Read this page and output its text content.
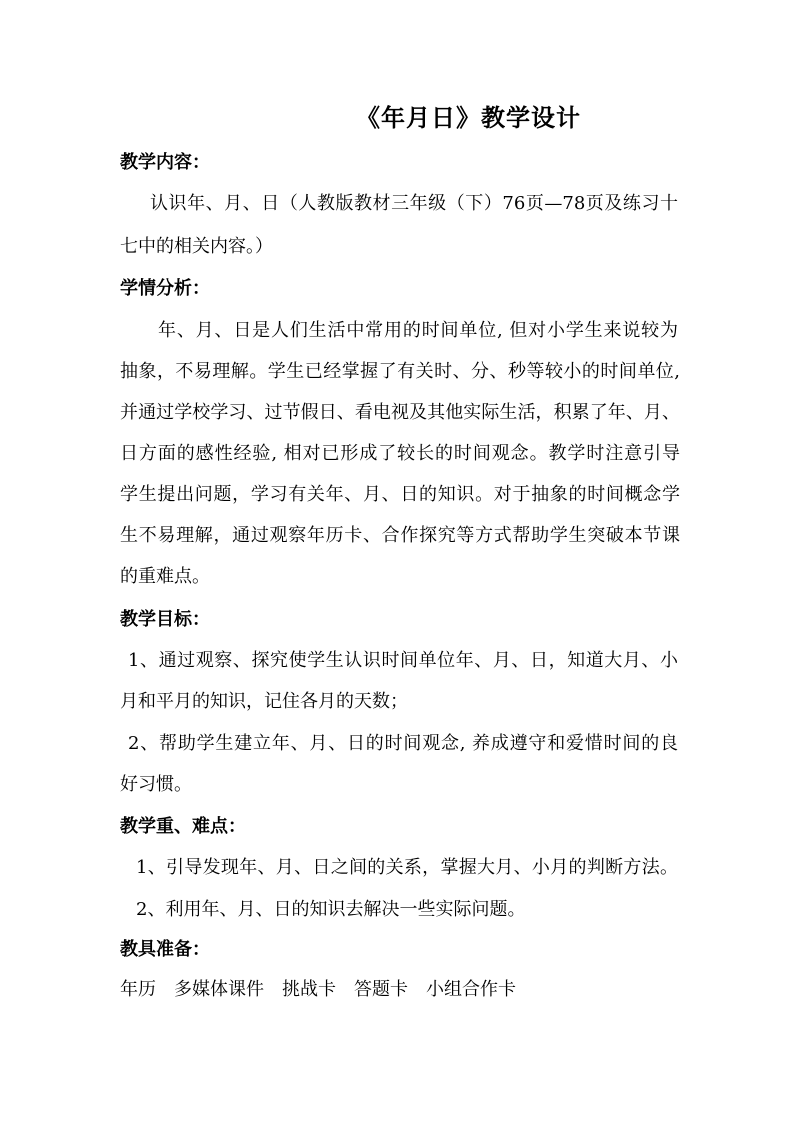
《年月日》教学设计
教学内容：
认识年、月、日（人教版教材三年级（下）76页—78页及练习十
七中的相关内容。）
学情分析：
年、月、日是人们生活中常用的时间单位, 但对小学生来说较为
抽象，不易理解。学生已经掌握了有关时、分、秒等较小的时间单位,
并通过学校学习、过节假日、看电视及其他实际生活，积累了年、月、
日方面的感性经验, 相对已形成了较长的时间观念。教学时注意引导
学生提出问题，学习有关年、月、日的知识。对于抽象的时间概念学
生不易理解，通过观察年历卡、合作探究等方式帮助学生突破本节课
的重难点。
教学目标：
1、通过观察、探究使学生认识时间单位年、月、日，知道大月、小
月和平月的知识，记住各月的天数；
2、帮助学生建立年、月、日的时间观念, 养成遵守和爱惜时间的良
好习惯。
教学重、难点：
1、引导发现年、月、日之间的关系，掌握大月、小月的判断方法。
2、利用年、月、日的知识去解决一些实际问题。
教具准备：
年历 多媒体课件 挑战卡 答题卡 小组合作卡
